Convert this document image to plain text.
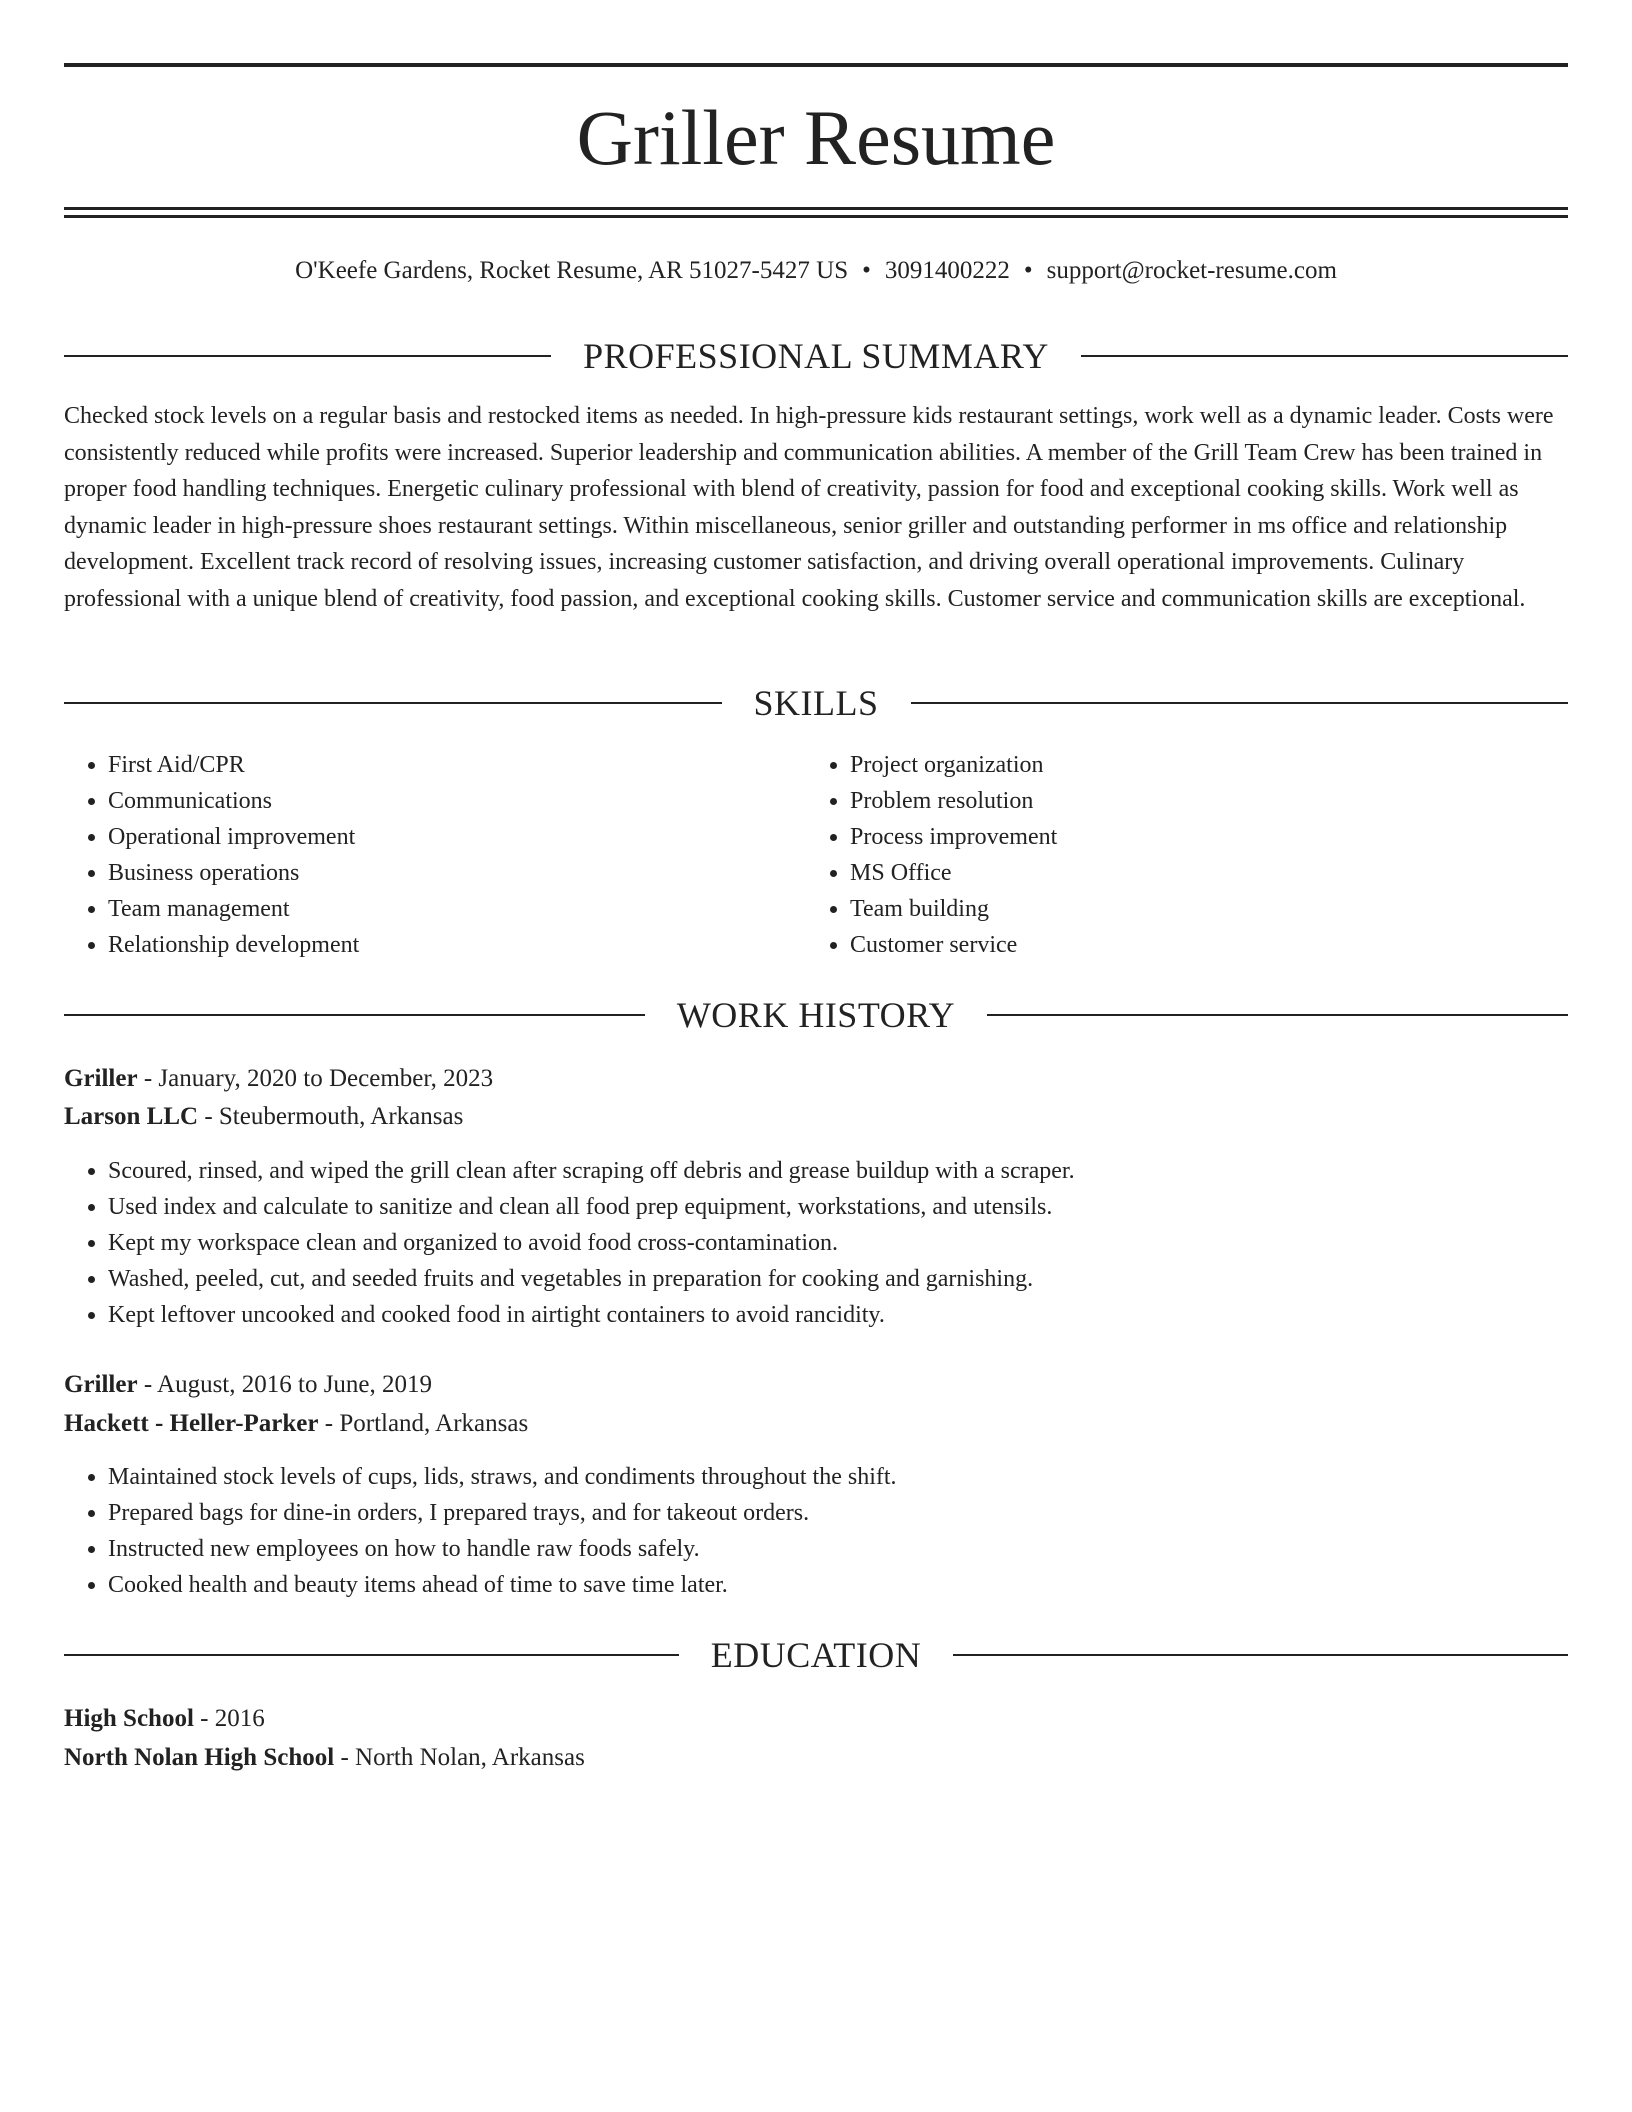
Griller Resume
O'Keefe Gardens, Rocket Resume, AR 51027-5427 US • 3091400222 • support@rocket-resume.com
PROFESSIONAL SUMMARY

Checked stock levels on a regular basis and restocked items as needed. In high-pressure kids restaurant settings, work well as a dynamic leader. Costs were consistently reduced while profits were increased. Superior leadership and communication abilities. A member of the Grill Team Crew has been trained in proper food handling techniques. Energetic culinary professional with blend of creativity, passion for food and exceptional cooking skills. Work well as dynamic leader in high-pressure shoes restaurant settings. Within miscellaneous, senior griller and outstanding performer in ms office and relationship development. Excellent track record of resolving issues, increasing customer satisfaction, and driving overall operational improvements. Culinary professional with a unique blend of creativity, food passion, and exceptional cooking skills. Customer service and communication skills are exceptional.

SKILLS
• First Aid/CPR
• Communications
• Operational improvement
• Business operations
• Team management
• Relationship development
• Project organization
• Problem resolution
• Process improvement
• MS Office
• Team building
• Customer service
WORK HISTORY
Griller - January, 2020 to December, 2023
Larson LLC - Steubermouth, Arkansas
• Scoured, rinsed, and wiped the grill clean after scraping off debris and grease buildup with a scraper.
• Used index and calculate to sanitize and clean all food prep equipment, workstations, and utensils.
• Kept my workspace clean and organized to avoid food cross-contamination.
• Washed, peeled, cut, and seeded fruits and vegetables in preparation for cooking and garnishing.
• Kept leftover uncooked and cooked food in airtight containers to avoid rancidity.
Griller - August, 2016 to June, 2019
Hackett - Heller-Parker - Portland, Arkansas
• Maintained stock levels of cups, lids, straws, and condiments throughout the shift.
• Prepared bags for dine-in orders, I prepared trays, and for takeout orders.
• Instructed new employees on how to handle raw foods safely.
• Cooked health and beauty items ahead of time to save time later.
EDUCATION
High School - 2016
North Nolan High School - North Nolan, Arkansas
